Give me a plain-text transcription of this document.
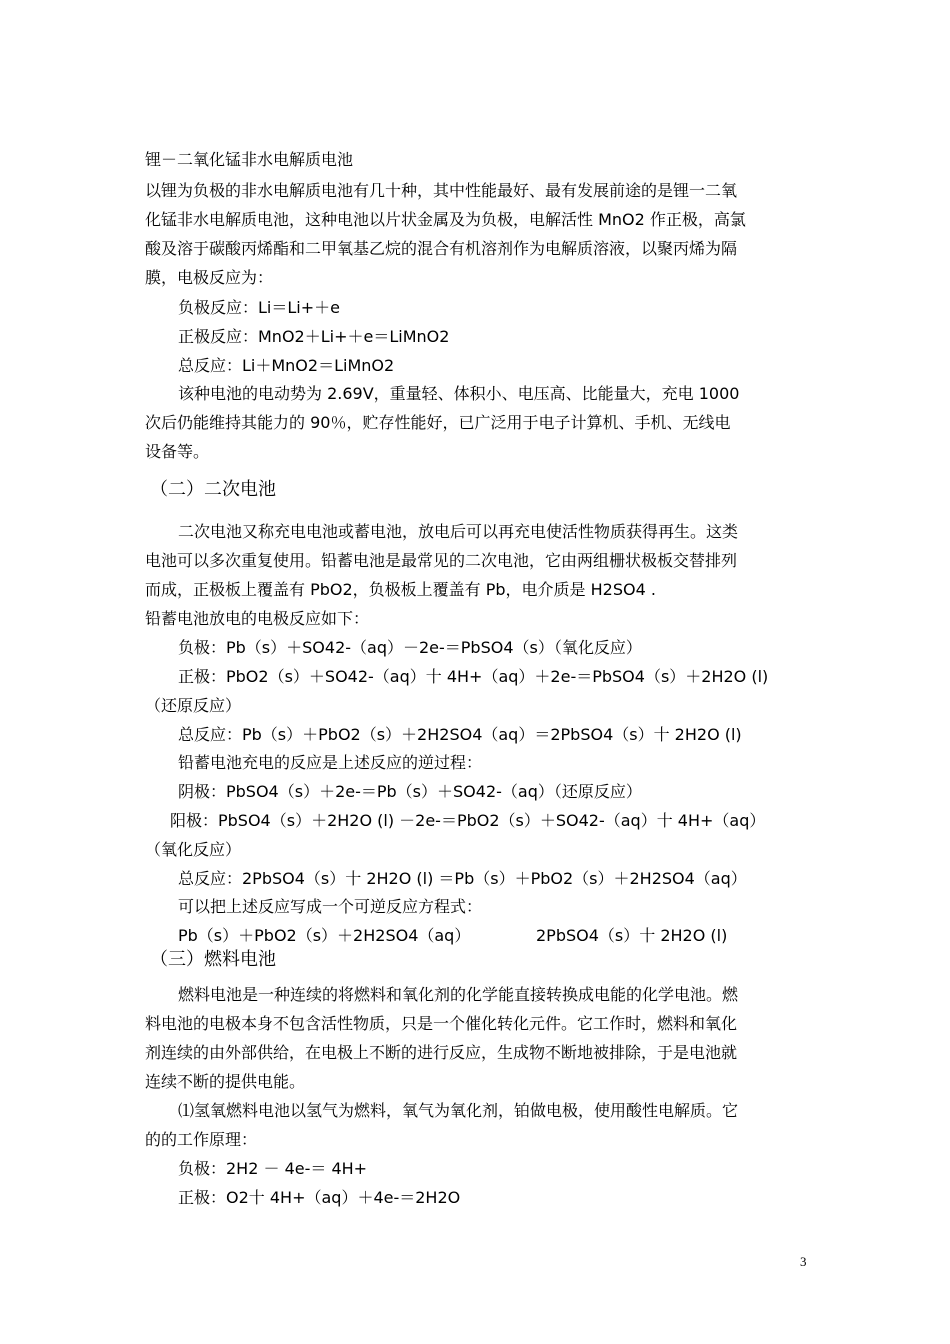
锂－二氧化锰非水电解质电池
以锂为负极的非水电解质电池有几十种，其中性能最好、最有发展前途的是锂一二氧
化锰非水电解质电池，这种电池以片状金属及为负极，电解活性 MnO2 作正极，高氯
酸及溶于碳酸丙烯酯和二甲氧基乙烷的混合有机溶剂作为电解质溶液，以聚丙烯为隔
膜，电极反应为：
负极反应：Li＝Li+＋e
正极反应：MnO2＋Li+＋e＝LiMnO2
总反应：Li＋MnO2＝LiMnO2
该种电池的电动势为 2.69V，重量轻、体积小、电压高、比能量大，充电 1000
次后仍能维持其能力的 90％，贮存性能好，已广泛用于电子计算机、手机、无线电
设备等。
（二）二次电池
二次电池又称充电电池或蓄电池，放电后可以再充电使活性物质获得再生。这类
电池可以多次重复使用。铅蓄电池是最常见的二次电池，它由两组栅状极板交替排列
而成，正极板上覆盖有 PbO2，负极板上覆盖有 Pb，电介质是 H2SO4 .
铅蓄电池放电的电极反应如下：
负极：Pb（s）＋SO42-（aq）－2e-＝PbSO4（s）（氧化反应）
正极：PbO2（s）＋SO42-（aq）十 4H+（aq）＋2e-＝PbSO4（s）＋2H2O (l)
（还原反应）
总反应：Pb（s）＋PbO2（s）＋2H2SO4（aq）＝2PbSO4（s）十 2H2O (l)
铅蓄电池充电的反应是上述反应的逆过程：
阴极：PbSO4（s）＋2e-＝Pb（s）＋SO42-（aq）（还原反应）
阳极：PbSO4（s）＋2H2O (l) －2e-＝PbO2（s）＋SO42-（aq）十 4H+（aq）
（氧化反应）
总反应：2PbSO4（s）十 2H2O (l) ＝Pb（s）＋PbO2（s）＋2H2SO4（aq）
可以把上述反应写成一个可逆反应方程式：
Pb（s）＋PbO2（s）＋2H2SO4（aq）	2PbSO4（s）十 2H2O (l)
（三）燃料电池
燃料电池是一种连续的将燃料和氧化剂的化学能直接转换成电能的化学电池。燃
料电池的电极本身不包含活性物质，只是一个催化转化元件。它工作时，燃料和氧化
剂连续的由外部供给，在电极上不断的进行反应，生成物不断地被排除，于是电池就
连续不断的提供电能。
⑴氢氧燃料电池以氢气为燃料，氧气为氧化剂，铂做电极，使用酸性电解质。它
的的工作原理：
负极：2H2 － 4e-＝ 4H+
正极：O2十 4H+（aq）＋4e-＝2H2O
3
